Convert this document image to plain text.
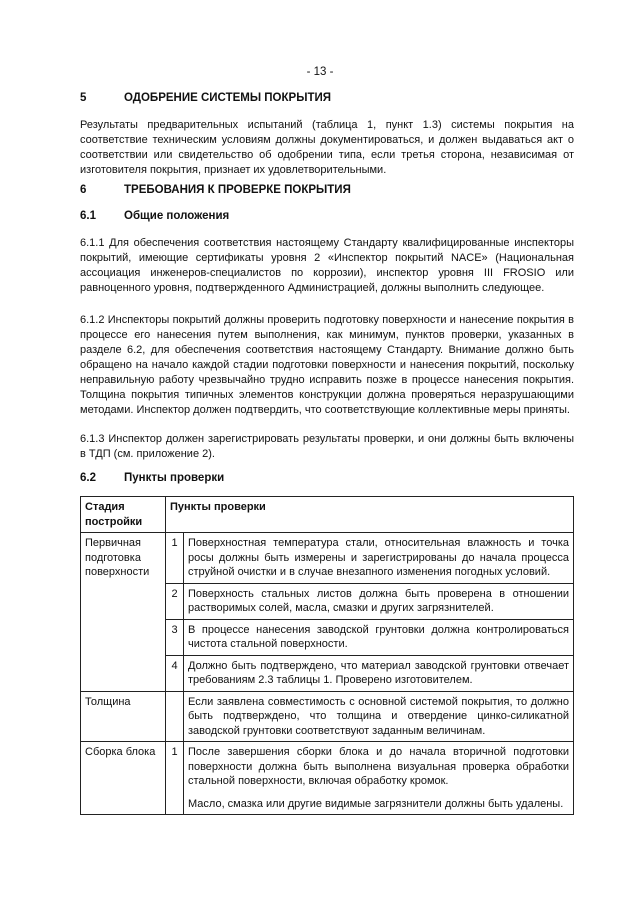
- 13 -
5	ОДОБРЕНИЕ СИСТЕМЫ ПОКРЫТИЯ
Результаты предварительных испытаний (таблица 1, пункт 1.3) системы покрытия на соответствие техническим условиям должны документироваться, и должен выдаваться акт о соответствии или свидетельство об одобрении типа, если третья сторона, независимая от изготовителя покрытия, признает их удовлетворительными.
6	ТРЕБОВАНИЯ К ПРОВЕРКЕ ПОКРЫТИЯ
6.1 Общие положения
6.1.1 Для обеспечения соответствия настоящему Стандарту квалифицированные инспекторы покрытий, имеющие сертификаты уровня 2 «Инспектор покрытий NACE» (Национальная ассоциация инженеров-специалистов по коррозии), инспектор уровня III FROSIO или равноценного уровня, подтвержденного Администрацией, должны выполнить следующее.
6.1.2 Инспекторы покрытий должны проверить подготовку поверхности и нанесение покрытия в процессе его нанесения путем выполнения, как минимум, пунктов проверки, указанных в разделе 6.2, для обеспечения соответствия настоящему Стандарту. Внимание должно быть обращено на начало каждой стадии подготовки поверхности и нанесения покрытий, поскольку неправильную работу чрезвычайно трудно исправить позже в процессе нанесения покрытия. Толщина покрытия типичных элементов конструкции должна проверяться неразрушающими методами. Инспектор должен подтвердить, что соответствующие коллективные меры приняты.
6.1.3 Инспектор должен зарегистрировать результаты проверки, и они должны быть включены в ТДП (см. приложение 2).
6.2 Пункты проверки
Стадия постройки	Пункты проверки	
Первичная подготовка поверхности	1	Поверхностная температура стали, относительная влажность и точка росы должны быть измерены и зарегистрированы до начала процесса струйной очистки и в случае внезапного изменения погодных условий.
	2	Поверхность стальных листов должна быть проверена в отношении растворимых солей, масла, смазки и других загрязнителей.
	3	В процессе нанесения заводской грунтовки должна контролироваться чистота стальной поверхности.
	4	Должно быть подтверждено, что материал заводской грунтовки отвечает требованиям 2.3 таблицы 1. Проверено изготовителем.
Толщина		Если заявлена совместимость с основной системой покрытия, то должно быть подтверждено, что толщина и отвердение цинко-силикатной заводской грунтовки соответствуют заданным величинам.
Сборка блока	1	После завершения сборки блока и до начала вторичной подготовки поверхности должна быть выполнена визуальная проверка обработки стальной поверхности, включая обработку кромок.
Масло, смазка или другие видимые загрязнители должны быть удалены.
